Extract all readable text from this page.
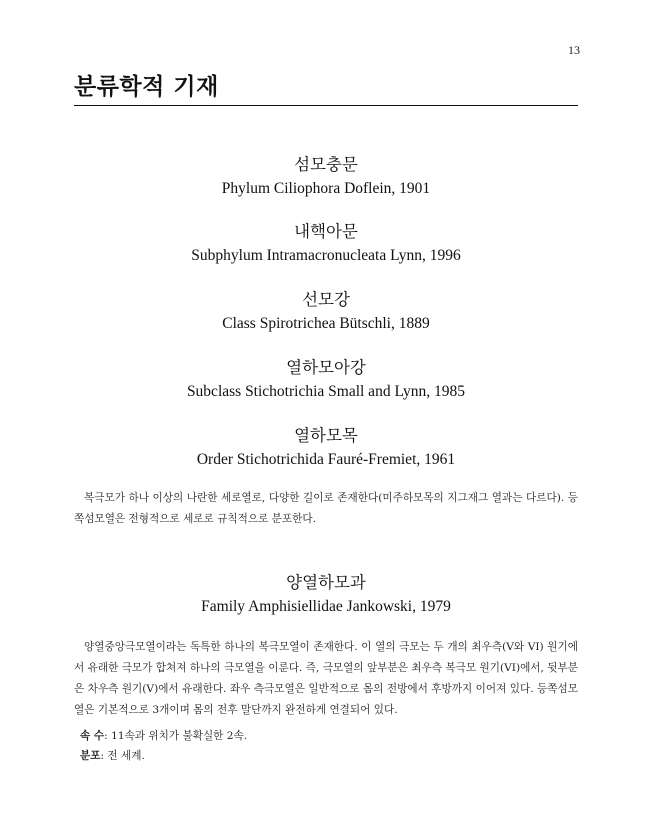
13
분류학적 기재
섬모충문
Phylum Ciliophora Doflein, 1901
내핵아문
Subphylum Intramacronucleata Lynn, 1996
선모강
Class Spirotrichea Bütschli, 1889
열하모아강
Subclass Stichotrichia Small and Lynn, 1985
열하모목
Order Stichotrichida Fauré-Fremiet, 1961
복극모가 하나 이상의 나란한 세로열로, 다양한 길이로 존재한다(미주하모목의 지그재그 열과는 다르다). 등쪽섬모열은 전형적으로 세로로 규칙적으로 분포한다.
양열하모과
Family Amphisiellidae Jankowski, 1979
양열중앙극모열이라는 독특한 하나의 복극모열이 존재한다. 이 열의 극모는 두 개의 최우측(V와 VI) 원기에서 유래한 극모가 합쳐져 하나의 극모열을 이룬다. 즉, 극모열의 앞부분은 최우측 복극모 원기(VI)에서, 뒷부분은 차우측 원기(V)에서 유래한다. 좌우 측극모열은 일반적으로 몸의 전방에서 후방까지 이어져 있다. 등쪽섬모열은 기본적으로 3개이며 몸의 전후 말단까지 완전하게 연결되어 있다.
속 수: 11속과 위치가 불확실한 2속.
분포: 전 세계.
